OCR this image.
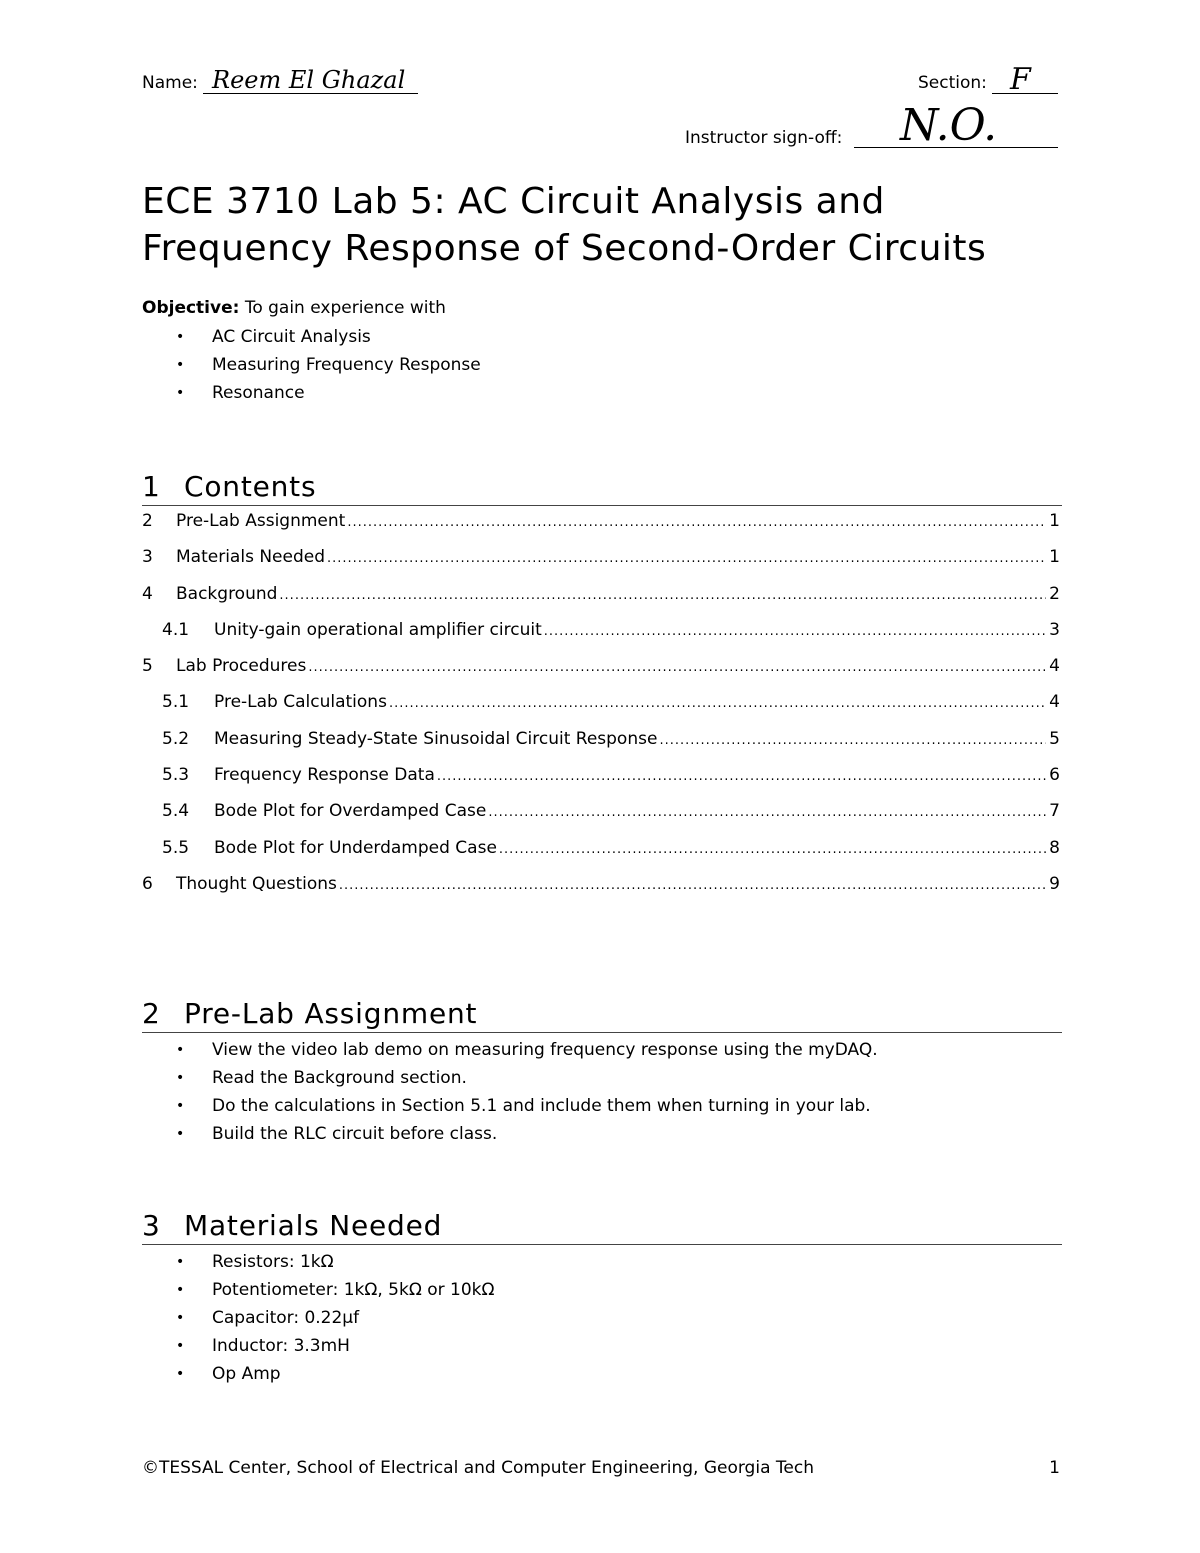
Name: Reem El Ghazal	Section: F
Instructor sign-off: N.O.
ECE 3710 Lab 5: AC Circuit Analysis and
Frequency Response of Second-Order Circuits
Objective: To gain experience with
• AC Circuit Analysis
• Measuring Frequency Response
• Resonance
1 Contents
2	Pre-Lab Assignment .....	1
3	Materials Needed .....	1
4	Background .....	2
4.1	Unity-gain operational amplifier circuit .....	3
5	Lab Procedures .....	4
5.1	Pre-Lab Calculations .....	4
5.2	Measuring Steady-State Sinusoidal Circuit Response .....	5
5.3	Frequency Response Data .....	6
5.4	Bode Plot for Overdamped Case .....	7
5.5	Bode Plot for Underdamped Case .....	8
6	Thought Questions .....	9
2 Pre-Lab Assignment
• View the video lab demo on measuring frequency response using the myDAQ.
• Read the Background section.
• Do the calculations in Section 5.1 and include them when turning in your lab.
• Build the RLC circuit before class.
3 Materials Needed
• Resistors: 1kΩ
• Potentiometer: 1kΩ, 5kΩ or 10kΩ
• Capacitor: 0.22μf
• Inductor: 3.3mH
• Op Amp
©TESSAL Center, School of Electrical and Computer Engineering, Georgia Tech	1
